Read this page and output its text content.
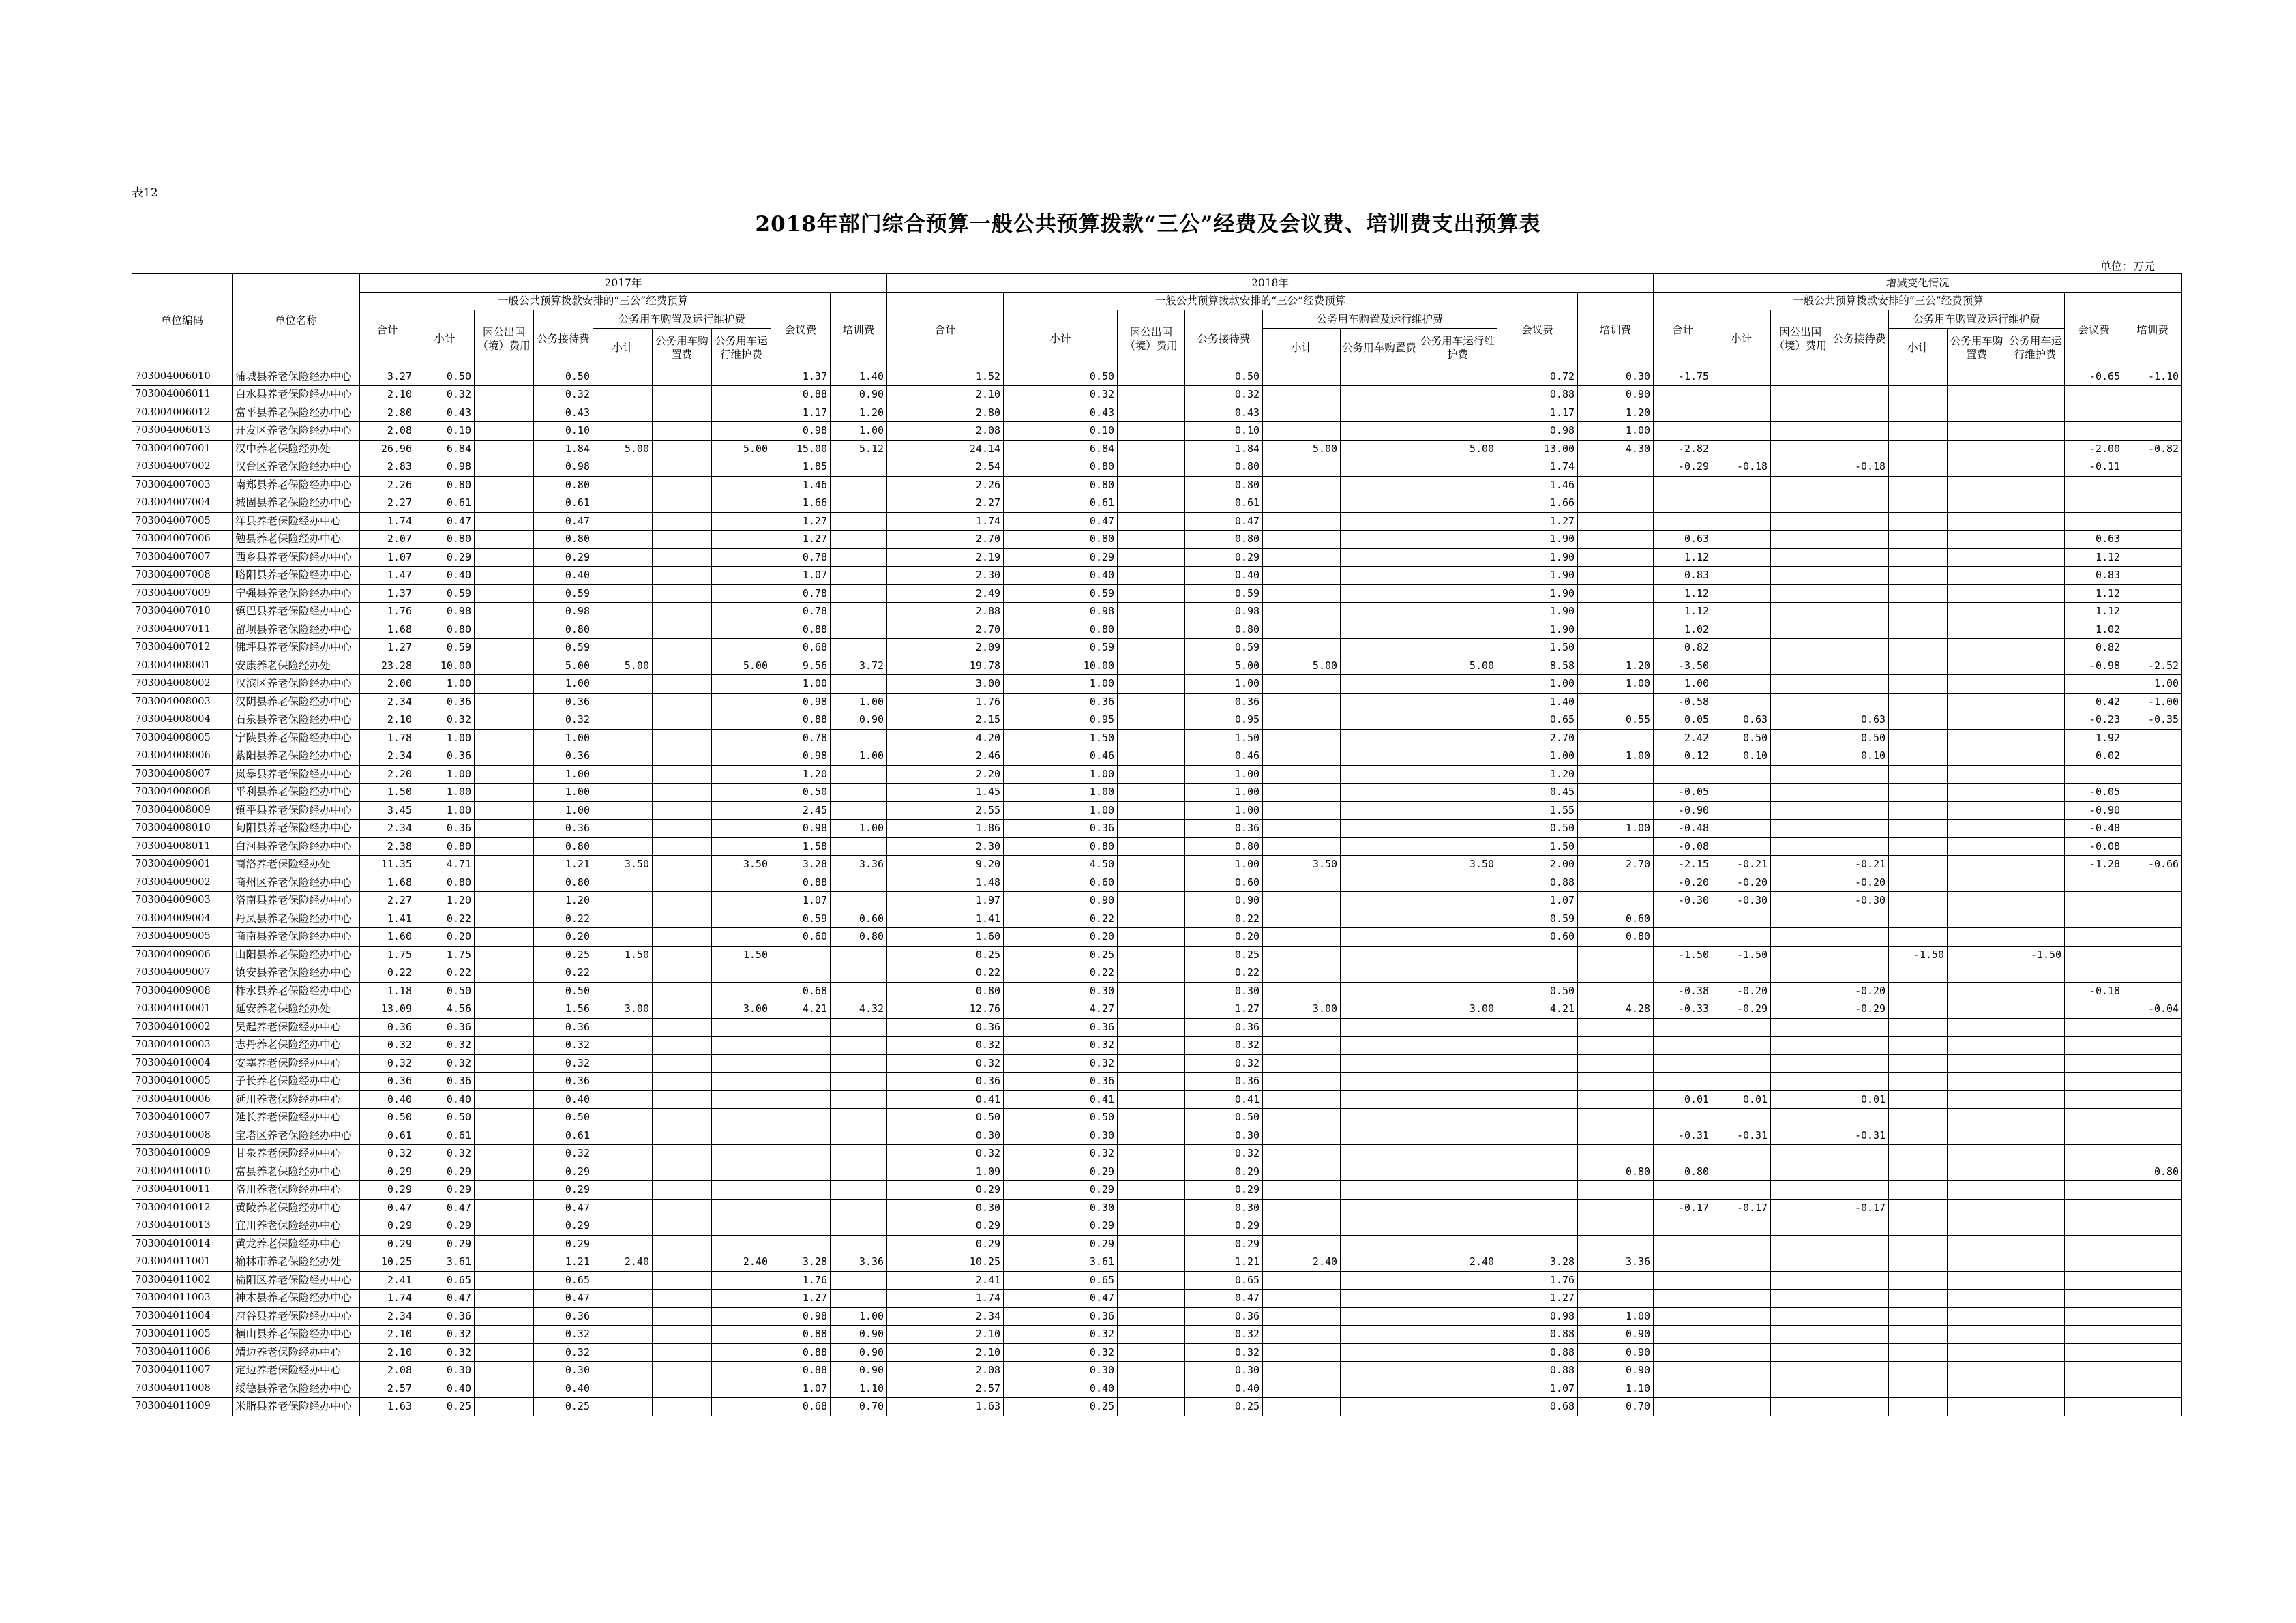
表12
2018年部门综合预算一般公共预算拨款“三公”经费及会议费、培训费支出预算表
单位：万元
单位编码	单位名称	2017年									2018年									增减变化情况								
		合计	一般公共预算拨款安排的“三公”经费预算						会议费	培训费	合计	一般公共预算拨款安排的“三公”经费预算						会议费	培训费	合计	一般公共预算拨款安排的“三公”经费预算						会议费	培训费
			小计	因公出国（境）费用	公务接待费	公务用车购置及运行维护费						小计	因公出国（境）费用	公务接待费	公务用车购置及运行维护费						小计	因公出国（境）费用	公务接待费	公务用车购置及运行维护费				
						小计	公务用车购置费	公务用车运行维护费							小计	公务用车购置费	公务用车运行维护费							小计	公务用车购置费	公务用车运行维护费		
703004006010	蒲城县养老保险经办中心	3.27	0.50		0.50				1.37	1.40	1.52	0.50		0.50				0.72	0.30	-1.75							-0.65	-1.10
703004006011	白水县养老保险经办中心	2.10	0.32		0.32				0.88	0.90	2.10	0.32		0.32				0.88	0.90									
703004006012	富平县养老保险经办中心	2.80	0.43		0.43				1.17	1.20	2.80	0.43		0.43				1.17	1.20									
703004006013	开发区养老保险经办中心	2.08	0.10		0.10				0.98	1.00	2.08	0.10		0.10				0.98	1.00									
703004007001	汉中养老保险经办处	26.96	6.84		1.84	5.00		5.00	15.00	5.12	24.14	6.84		1.84	5.00		5.00	13.00	4.30	-2.82							-2.00	-0.82
703004007002	汉台区养老保险经办中心	2.83	0.98		0.98				1.85		2.54	0.80		0.80				1.74		-0.29	-0.18		-0.18				-0.11	
703004007003	南郑县养老保险经办中心	2.26	0.80		0.80				1.46		2.26	0.80		0.80				1.46										
703004007004	城固县养老保险经办中心	2.27	0.61		0.61				1.66		2.27	0.61		0.61				1.66										
703004007005	洋县养老保险经办中心	1.74	0.47		0.47				1.27		1.74	0.47		0.47				1.27										
703004007006	勉县养老保险经办中心	2.07	0.80		0.80				1.27		2.70	0.80		0.80				1.90		0.63							0.63	
703004007007	西乡县养老保险经办中心	1.07	0.29		0.29				0.78		2.19	0.29		0.29				1.90		1.12							1.12	
703004007008	略阳县养老保险经办中心	1.47	0.40		0.40				1.07		2.30	0.40		0.40				1.90		0.83							0.83	
703004007009	宁强县养老保险经办中心	1.37	0.59		0.59				0.78		2.49	0.59		0.59				1.90		1.12							1.12	
703004007010	镇巴县养老保险经办中心	1.76	0.98		0.98				0.78		2.88	0.98		0.98				1.90		1.12							1.12	
703004007011	留坝县养老保险经办中心	1.68	0.80		0.80				0.88		2.70	0.80		0.80				1.90		1.02							1.02	
703004007012	佛坪县养老保险经办中心	1.27	0.59		0.59				0.68		2.09	0.59		0.59				1.50		0.82							0.82	
703004008001	安康养老保险经办处	23.28	10.00		5.00	5.00		5.00	9.56	3.72	19.78	10.00		5.00	5.00		5.00	8.58	1.20	-3.50							-0.98	-2.52
703004008002	汉滨区养老保险经办中心	2.00	1.00		1.00				1.00		3.00	1.00		1.00				1.00	1.00	1.00								1.00
703004008003	汉阴县养老保险经办中心	2.34	0.36		0.36				0.98	1.00	1.76	0.36		0.36				1.40		-0.58							0.42	-1.00
703004008004	石泉县养老保险经办中心	2.10	0.32		0.32				0.88	0.90	2.15	0.95		0.95				0.65	0.55	0.05	0.63		0.63				-0.23	-0.35
703004008005	宁陕县养老保险经办中心	1.78	1.00		1.00				0.78		4.20	1.50		1.50				2.70		2.42	0.50		0.50				1.92	
703004008006	紫阳县养老保险经办中心	2.34	0.36		0.36				0.98	1.00	2.46	0.46		0.46				1.00	1.00	0.12	0.10		0.10				0.02	
703004008007	岚皋县养老保险经办中心	2.20	1.00		1.00				1.20		2.20	1.00		1.00				1.20										
703004008008	平利县养老保险经办中心	1.50	1.00		1.00				0.50		1.45	1.00		1.00				0.45		-0.05							-0.05	
703004008009	镇平县养老保险经办中心	3.45	1.00		1.00				2.45		2.55	1.00		1.00				1.55		-0.90							-0.90	
703004008010	旬阳县养老保险经办中心	2.34	0.36		0.36				0.98	1.00	1.86	0.36		0.36				0.50	1.00	-0.48							-0.48	
703004008011	白河县养老保险经办中心	2.38	0.80		0.80				1.58		2.30	0.80		0.80				1.50		-0.08							-0.08	
703004009001	商洛养老保险经办处	11.35	4.71		1.21	3.50		3.50	3.28	3.36	9.20	4.50		1.00	3.50		3.50	2.00	2.70	-2.15	-0.21		-0.21				-1.28	-0.66
703004009002	商州区养老保险经办中心	1.68	0.80		0.80				0.88		1.48	0.60		0.60				0.88		-0.20	-0.20		-0.20					
703004009003	洛南县养老保险经办中心	2.27	1.20		1.20				1.07		1.97	0.90		0.90				1.07		-0.30	-0.30		-0.30					
703004009004	丹凤县养老保险经办中心	1.41	0.22		0.22				0.59	0.60	1.41	0.22		0.22				0.59	0.60									
703004009005	商南县养老保险经办中心	1.60	0.20		0.20				0.60	0.80	1.60	0.20		0.20				0.60	0.80									
703004009006	山阳县养老保险经办中心	1.75	1.75		0.25	1.50		1.50			0.25	0.25		0.25						-1.50	-1.50			-1.50		-1.50		
703004009007	镇安县养老保险经办中心	0.22	0.22		0.22						0.22	0.22		0.22														
703004009008	柞水县养老保险经办中心	1.18	0.50		0.50				0.68		0.80	0.30		0.30				0.50		-0.38	-0.20		-0.20				-0.18	
703004010001	延安养老保险经办处	13.09	4.56		1.56	3.00		3.00	4.21	4.32	12.76	4.27		1.27	3.00		3.00	4.21	4.28	-0.33	-0.29		-0.29					-0.04
703004010002	吴起养老保险经办中心	0.36	0.36		0.36						0.36	0.36		0.36														
703004010003	志丹养老保险经办中心	0.32	0.32		0.32						0.32	0.32		0.32														
703004010004	安塞养老保险经办中心	0.32	0.32		0.32						0.32	0.32		0.32														
703004010005	子长养老保险经办中心	0.36	0.36		0.36						0.36	0.36		0.36														
703004010006	延川养老保险经办中心	0.40	0.40		0.40						0.41	0.41		0.41						0.01	0.01		0.01					
703004010007	延长养老保险经办中心	0.50	0.50		0.50						0.50	0.50		0.50														
703004010008	宝塔区养老保险经办中心	0.61	0.61		0.61						0.30	0.30		0.30						-0.31	-0.31		-0.31					
703004010009	甘泉养老保险经办中心	0.32	0.32		0.32						0.32	0.32		0.32														
703004010010	富县养老保险经办中心	0.29	0.29		0.29						1.09	0.29		0.29					0.80	0.80								0.80
703004010011	洛川养老保险经办中心	0.29	0.29		0.29						0.29	0.29		0.29														
703004010012	黄陵养老保险经办中心	0.47	0.47		0.47						0.30	0.30		0.30						-0.17	-0.17		-0.17					
703004010013	宜川养老保险经办中心	0.29	0.29		0.29						0.29	0.29		0.29														
703004010014	黄龙养老保险经办中心	0.29	0.29		0.29						0.29	0.29		0.29														
703004011001	榆林市养老保险经办处	10.25	3.61		1.21	2.40		2.40	3.28	3.36	10.25	3.61		1.21	2.40		2.40	3.28	3.36									
703004011002	榆阳区养老保险经办中心	2.41	0.65		0.65				1.76		2.41	0.65		0.65				1.76										
703004011003	神木县养老保险经办中心	1.74	0.47		0.47				1.27		1.74	0.47		0.47				1.27										
703004011004	府谷县养老保险经办中心	2.34	0.36		0.36				0.98	1.00	2.34	0.36		0.36				0.98	1.00									
703004011005	横山县养老保险经办中心	2.10	0.32		0.32				0.88	0.90	2.10	0.32		0.32				0.88	0.90									
703004011006	靖边养老保险经办中心	2.10	0.32		0.32				0.88	0.90	2.10	0.32		0.32				0.88	0.90									
703004011007	定边养老保险经办中心	2.08	0.30		0.30				0.88	0.90	2.08	0.30		0.30				0.88	0.90									
703004011008	绥德县养老保险经办中心	2.57	0.40		0.40				1.07	1.10	2.57	0.40		0.40				1.07	1.10									
703004011009	米脂县养老保险经办中心	1.63	0.25		0.25				0.68	0.70	1.63	0.25		0.25				0.68	0.70									
